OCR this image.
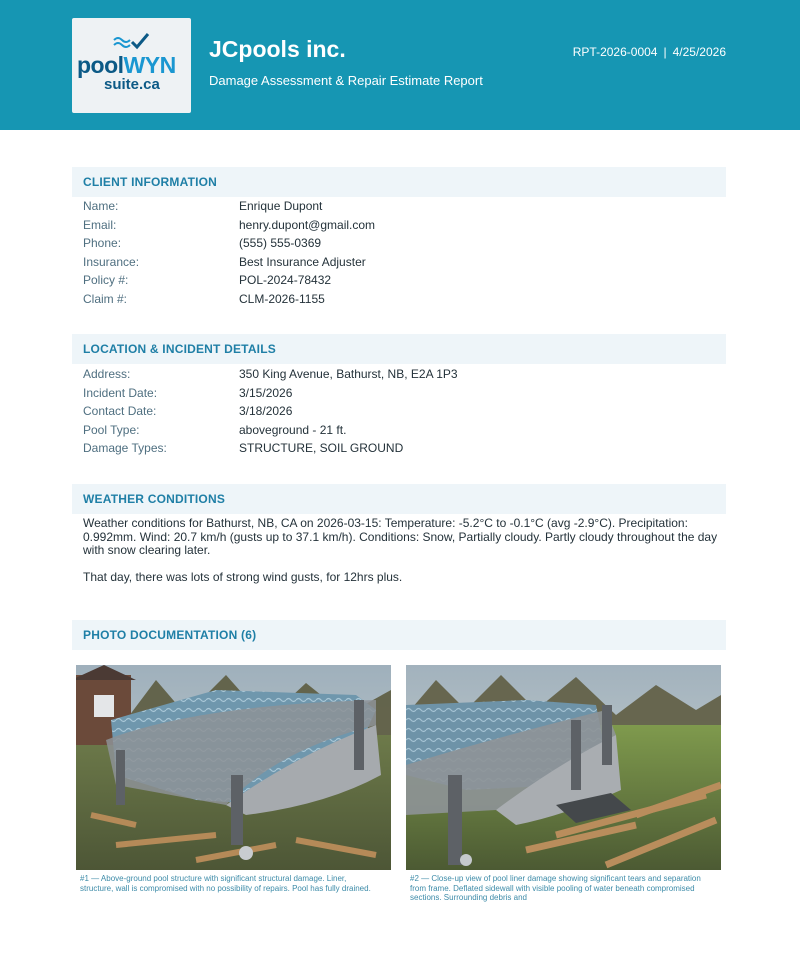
poolWYN
suite.ca
JCpools inc.
Damage Assessment & Repair Estimate Report
RPT-2026-0004 | 4/25/2026
CLIENT INFORMATION
Name:	Enrique Dupont
Email:	henry.dupont@gmail.com
Phone:	(555) 555-0369
Insurance:	Best Insurance Adjuster
Policy #:	POL-2024-78432
Claim #:	CLM-2026-1155
LOCATION & INCIDENT DETAILS
Address:	350 King Avenue, Bathurst, NB, E2A 1P3
Incident Date:	3/15/2026
Contact Date:	3/18/2026
Pool Type:	aboveground - 21 ft.
Damage Types:	STRUCTURE, SOIL GROUND
WEATHER CONDITIONS
Weather conditions for Bathurst, NB, CA on 2026-03-15: Temperature: -5.2°C to -0.1°C (avg -2.9°C). Precipitation: 0.992mm. Wind: 20.7 km/h (gusts up to 37.1 km/h). Conditions: Snow, Partially cloudy. Partly cloudy throughout the day with snow clearing later.
That day, there was lots of strong wind gusts, for 12hrs plus.
PHOTO DOCUMENTATION (6)
#1 — Above-ground pool structure with significant structural damage. Liner, structure, wall is compromised with no possibility of repairs. Pool has fully drained.
#2 — Close-up view of pool liner damage showing significant tears and separation from frame. Deflated sidewall with visible pooling of water beneath compromised sections. Surrounding debris and
